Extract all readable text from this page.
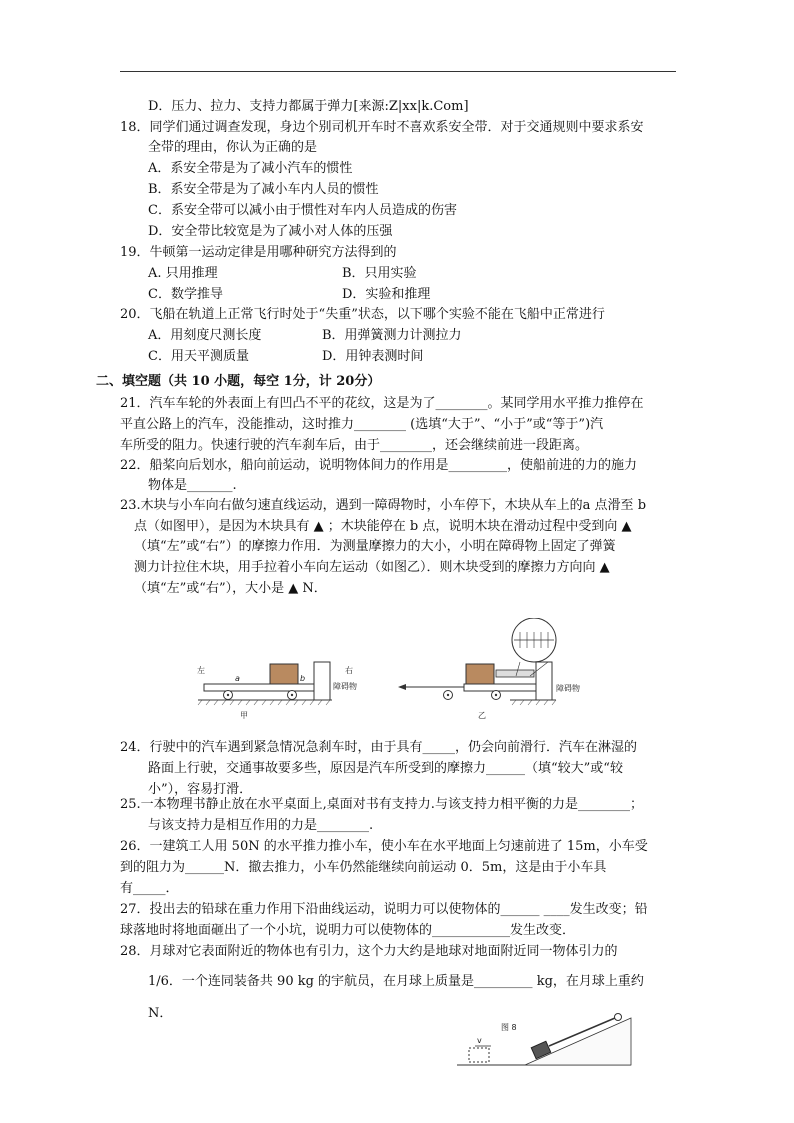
D．压力、拉力、支持力都属于弹力[来源:Z|xx|k.Com]
18．同学们通过调查发现，身边个别司机开车时不喜欢系安全带．对于交通规则中要求系安
全带的理由，你认为正确的是
A．系安全带是为了减小汽车的惯性
B．系安全带是为了减小车内人员的惯性
C．系安全带可以减小由于惯性对车内人员造成的伤害
D．安全带比较宽是为了减小对人体的压强
19．牛顿第一运动定律是用哪种研究方法得到的
A. 只用推理	B．只用实验
C．数学推导	D．实验和推理
20．飞船在轨道上正常飞行时处于“失重”状态，以下哪个实验不能在飞船中正常进行
A．用刻度尺测长度	B．用弹簧测力计测拉力
C．用天平测质量	D．用钟表测时间
二、填空题（共 10 小题，每空 1分，计 20分）
21．汽车车轮的外表面上有凹凸不平的花纹，这是为了________。某同学用水平推力推停在
平直公路上的汽车，没能推动，这时推力________ (选填“大于”、“小于”或“等于”)汽
车所受的阻力。快速行驶的汽车刹车后，由于________，还会继续前进一段距离。
22．船桨向后划水，船向前运动，说明物体间力的作用是_________，使船前进的力的施力
物体是_______.
23.木块与小车向右做匀速直线运动，遇到一障碍物时，小车停下，木块从车上的a 点滑至 b
点（如图甲），是因为木块具有 ▲ ；木块能停在 b 点，说明木块在滑动过程中受到向 ▲
（填“左”或“右”）的摩擦力作用．为测量摩擦力的大小，小明在障碍物上固定了弹簧
测力计拉住木块，用手拉着小车向左运动（如图乙）．则木块受到的摩擦力方向向 ▲
（填“左”或“右”），大小是 ▲ N．
左	右
a	b
障碍物
甲
障碍物
乙
24．行驶中的汽车遇到紧急情况急刹车时，由于具有_____，仍会向前滑行．汽车在淋湿的
路面上行驶，交通事故要多些，原因是汽车所受到的摩擦力______（填“较大”或“较
小”），容易打滑．
25.一本物理书静止放在水平桌面上,桌面对书有支持力.与该支持力相平衡的力是________；
与该支持力是相互作用的力是________.
26．一建筑工人用 50N 的水平推力推小车，使小车在水平地面上匀速前进了 15m，小车受
到的阻力为______N．撤去推力，小车仍然能继续向前运动 0．5m，这是由于小车具
有_____．
27．投出去的铅球在重力作用下沿曲线运动，说明力可以使物体的______ ____发生改变；铅
球落地时将地面砸出了一个小坑，说明力可以使物体的____________发生改变．
28．月球对它表面附近的物体也有引力，这个力大约是地球对地面附近同一物体引力的
1/6．一个连同装备共 90 kg 的宇航员，在月球上质量是_________ kg，在月球上重约
N．
图 8
v
